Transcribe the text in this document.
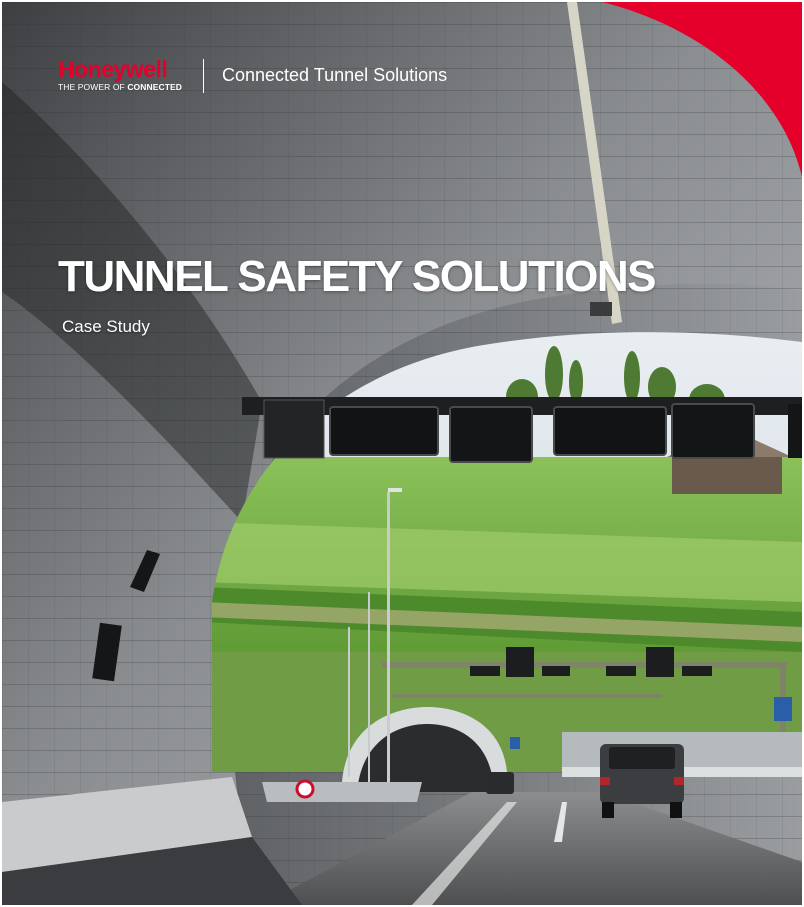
Honeywell
THE POWER OF CONNECTED
Connected Tunnel Solutions
TUNNEL SAFETY SOLUTIONS
Case Study
